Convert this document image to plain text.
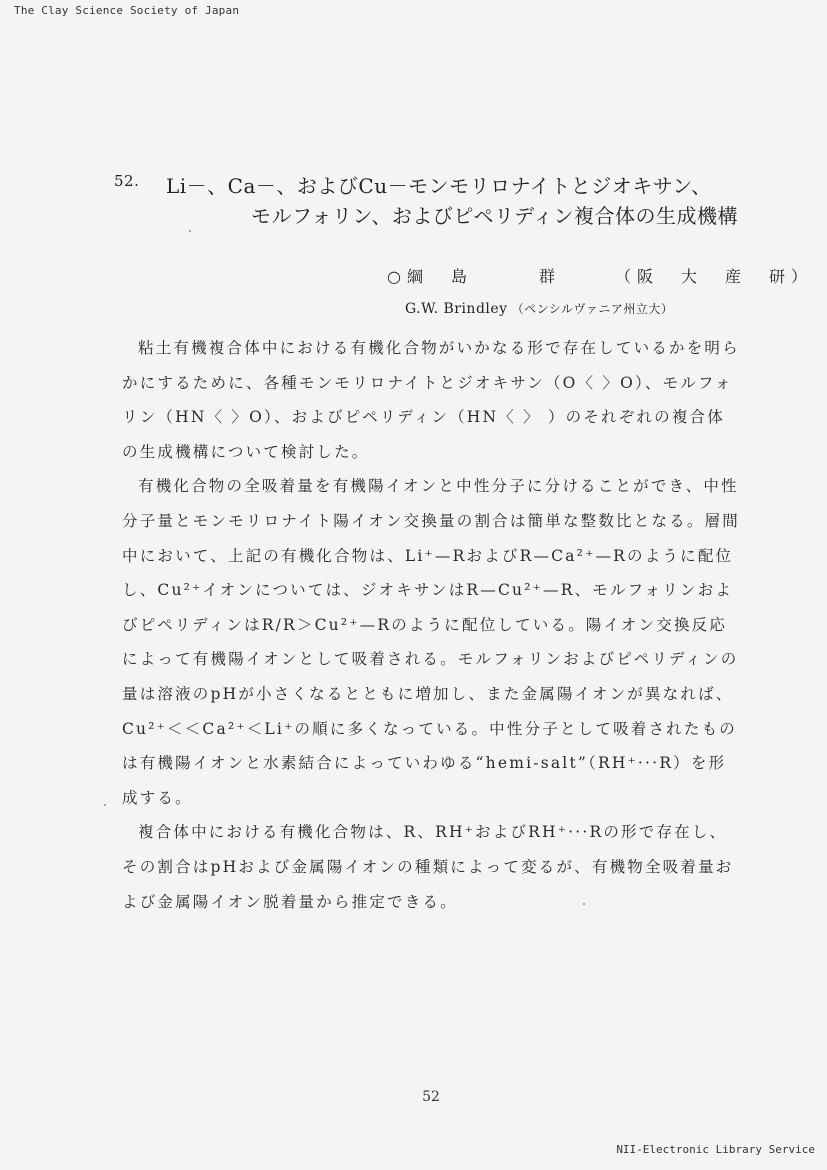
The Clay Science Society of Japan
52. Li－、Ca－、およびCu－モンモリロナイトとジオキサン、
モルフォリン、およびピペリディン複合体の生成機構
○綱　島　　　群	（阪　大　産　研）
G.W. Brindley （ペンシルヴァニア州立大）

粘土有機複合体中における有機化合物がいかなる形で存在しているかを明らかにするために、各種モンモリロナイトとジオキサン（O〈 〉O）、モルフォリン（HN〈 〉O）、およびピペリディン（HN〈 〉 ）のそれぞれの複合体の生成機構について検討した。

有機化合物の全吸着量を有機陽イオンと中性分子に分けることができ、中性分子量とモンモリロナイト陽イオン交換量の割合は簡単な整数比となる。層間中において、上記の有機化合物は、Li⁺—RおよびR—Ca²⁺—Rのように配位し、Cu²⁺イオンについては、ジオキサンはR—Cu²⁺—R、モルフォリンおよびピペリディンはR/R＞Cu²⁺—Rのように配位している。陽イオン交換反応によって有機陽イオンとして吸着される。モルフォリンおよびピペリディンの量は溶液のpHが小さくなるとともに増加し、また金属陽イオンが異なれば、Cu²⁺＜＜Ca²⁺＜Li⁺の順に多くなっている。中性分子として吸着されたものは有機陽イオンと水素結合によっていわゆる“hemi-salt”（RH⁺···R）を形成する。

複合体中における有機化合物は、R、RH⁺およびRH⁺···Rの形で存在し、その割合はpHおよび金属陽イオンの種類によって変るが、有機物全吸着量および金属陽イオン脱着量から推定できる。

52
NII-Electronic Library Service
